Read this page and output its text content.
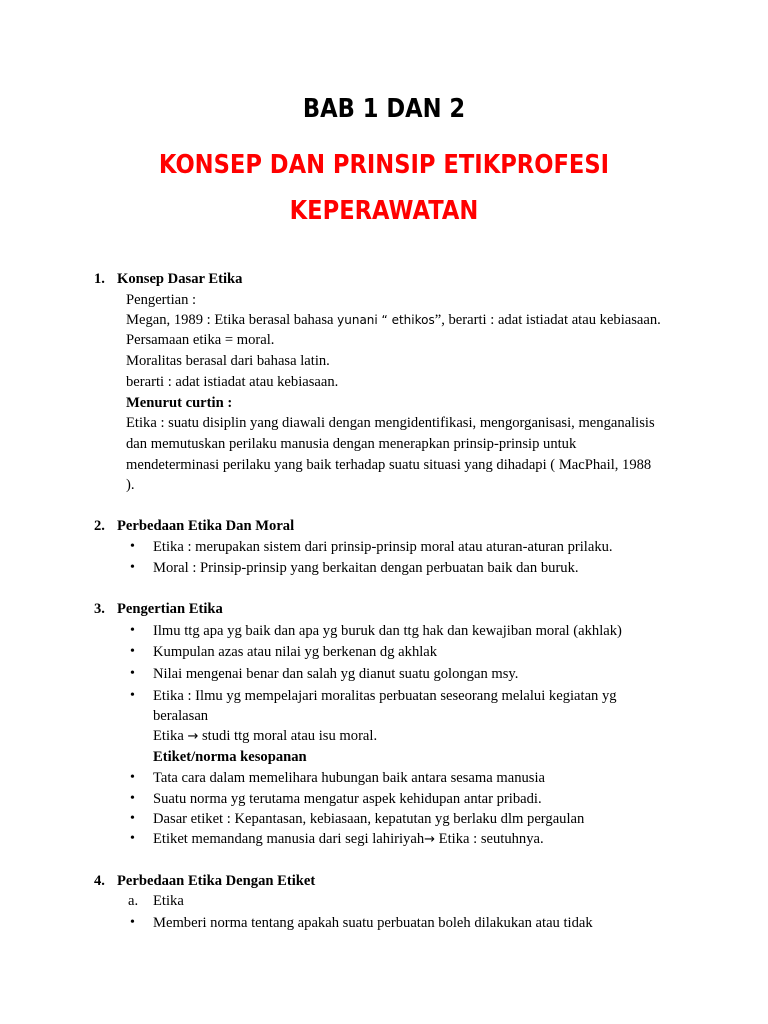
BAB 1 DAN 2
KONSEP DAN PRINSIP ETIKPROFESI
KEPERAWATAN
1. Konsep Dasar Etika
Pengertian :
Megan, 1989 : Etika berasal bahasa yunani “ ethikos”, berarti : adat istiadat atau kebiasaan.
Persamaan etika = moral.
Moralitas berasal dari bahasa latin.
berarti : adat istiadat atau kebiasaan.
Menurut curtin :
Etika : suatu disiplin yang diawali dengan mengidentifikasi, mengorganisasi, menganalisis
dan memutuskan perilaku manusia dengan menerapkan prinsip-prinsip untuk
mendeterminasi perilaku yang baik terhadap suatu situasi yang dihadapi ( MacPhail, 1988
).
2. Perbedaan Etika Dan Moral
• Etika : merupakan sistem dari prinsip-prinsip moral atau aturan-aturan prilaku.
• Moral : Prinsip-prinsip yang berkaitan dengan perbuatan baik dan buruk.
3. Pengertian Etika
• Ilmu ttg apa yg baik dan apa yg buruk dan ttg hak dan kewajiban moral (akhlak)
• Kumpulan azas atau nilai yg berkenan dg akhlak
• Nilai mengenai benar dan salah yg dianut suatu golongan msy.
• Etika : Ilmu yg mempelajari moralitas perbuatan seseorang melalui kegiatan yg
beralasan
Etika → studi ttg moral atau isu moral.
Etiket/norma kesopanan
• Tata cara dalam memelihara hubungan baik antara sesama manusia
• Suatu norma yg terutama mengatur aspek kehidupan antar pribadi.
• Dasar etiket : Kepantasan, kebiasaan, kepatutan yg berlaku dlm pergaulan
• Etiket memandang manusia dari segi lahiriyah→ Etika : seutuhnya.
4. Perbedaan Etika Dengan Etiket
a. Etika
• Memberi norma tentang apakah suatu perbuatan boleh dilakukan atau tidak
